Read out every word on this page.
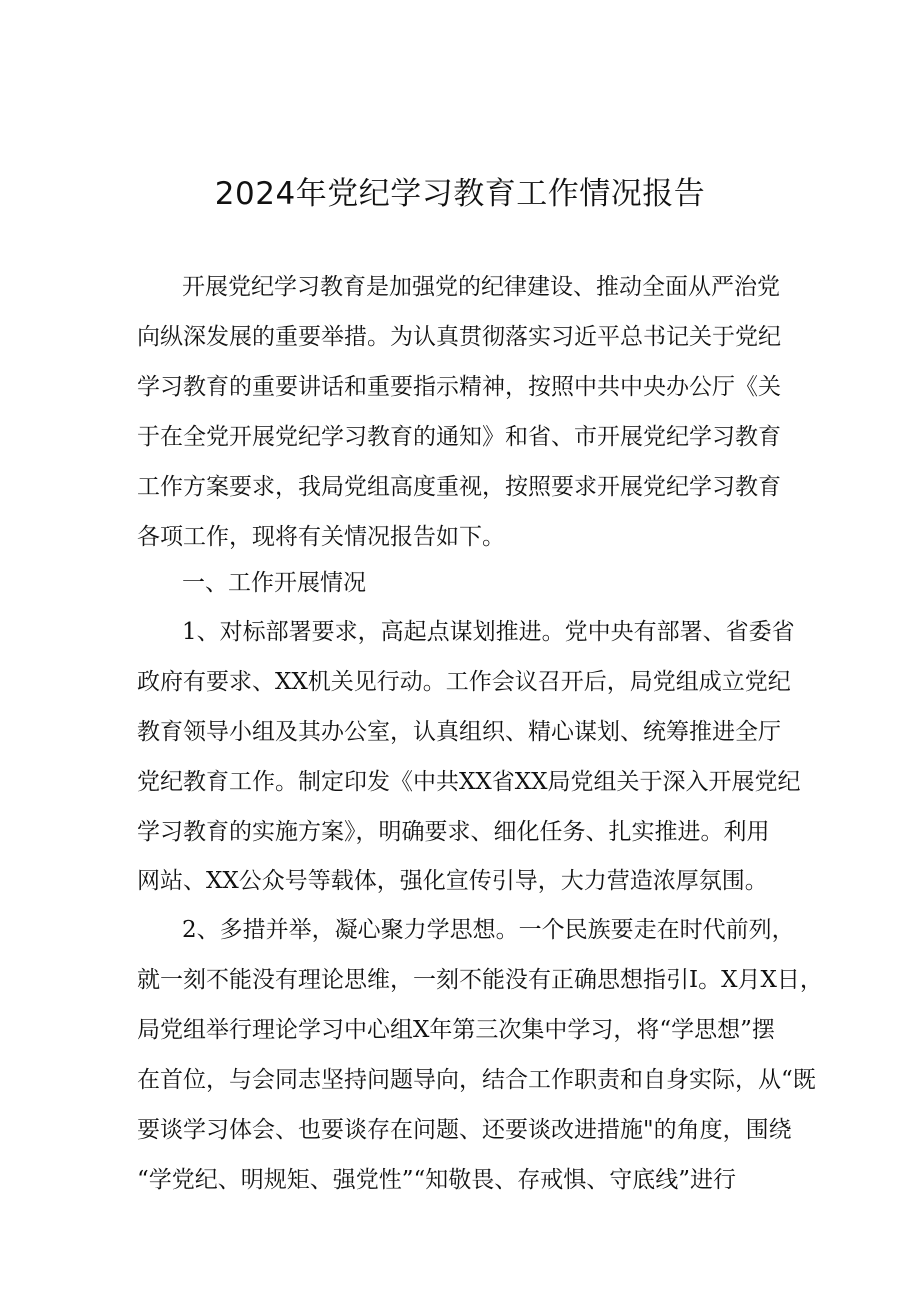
2024年党纪学习教育工作情况报告
开展党纪学习教育是加强党的纪律建设、推动全面从严治党
向纵深发展的重要举措。为认真贯彻落实习近平总书记关于党纪
学习教育的重要讲话和重要指示精神，按照中共中央办公厅《关
于在全党开展党纪学习教育的通知》和省、市开展党纪学习教育
工作方案要求，我局党组高度重视，按照要求开展党纪学习教育
各项工作，现将有关情况报告如下。
一、工作开展情况
1、对标部署要求，高起点谋划推进。党中央有部署、省委省
政府有要求、XX机关见行动。工作会议召开后，局党组成立党纪
教育领导小组及其办公室，认真组织、精心谋划、统筹推进全厅
党纪教育工作。制定印发《中共XX省XX局党组关于深入开展党纪
学习教育的实施方案》，明确要求、细化任务、扎实推进。利用
网站、XX公众号等载体，强化宣传引导，大力营造浓厚氛围。
2、多措并举，凝心聚力学思想。一个民族要走在时代前列，
就一刻不能没有理论思维，一刻不能没有正确思想指引I。X月X日，
局党组举行理论学习中心组X年第三次集中学习，将“学思想”摆
在首位，与会同志坚持问题导向，结合工作职责和自身实际，从“既
要谈学习体会、也要谈存在问题、还要谈改进措施"的角度，围绕
“学党纪、明规矩、强党性”“知敬畏、存戒惧、守底线”进行
